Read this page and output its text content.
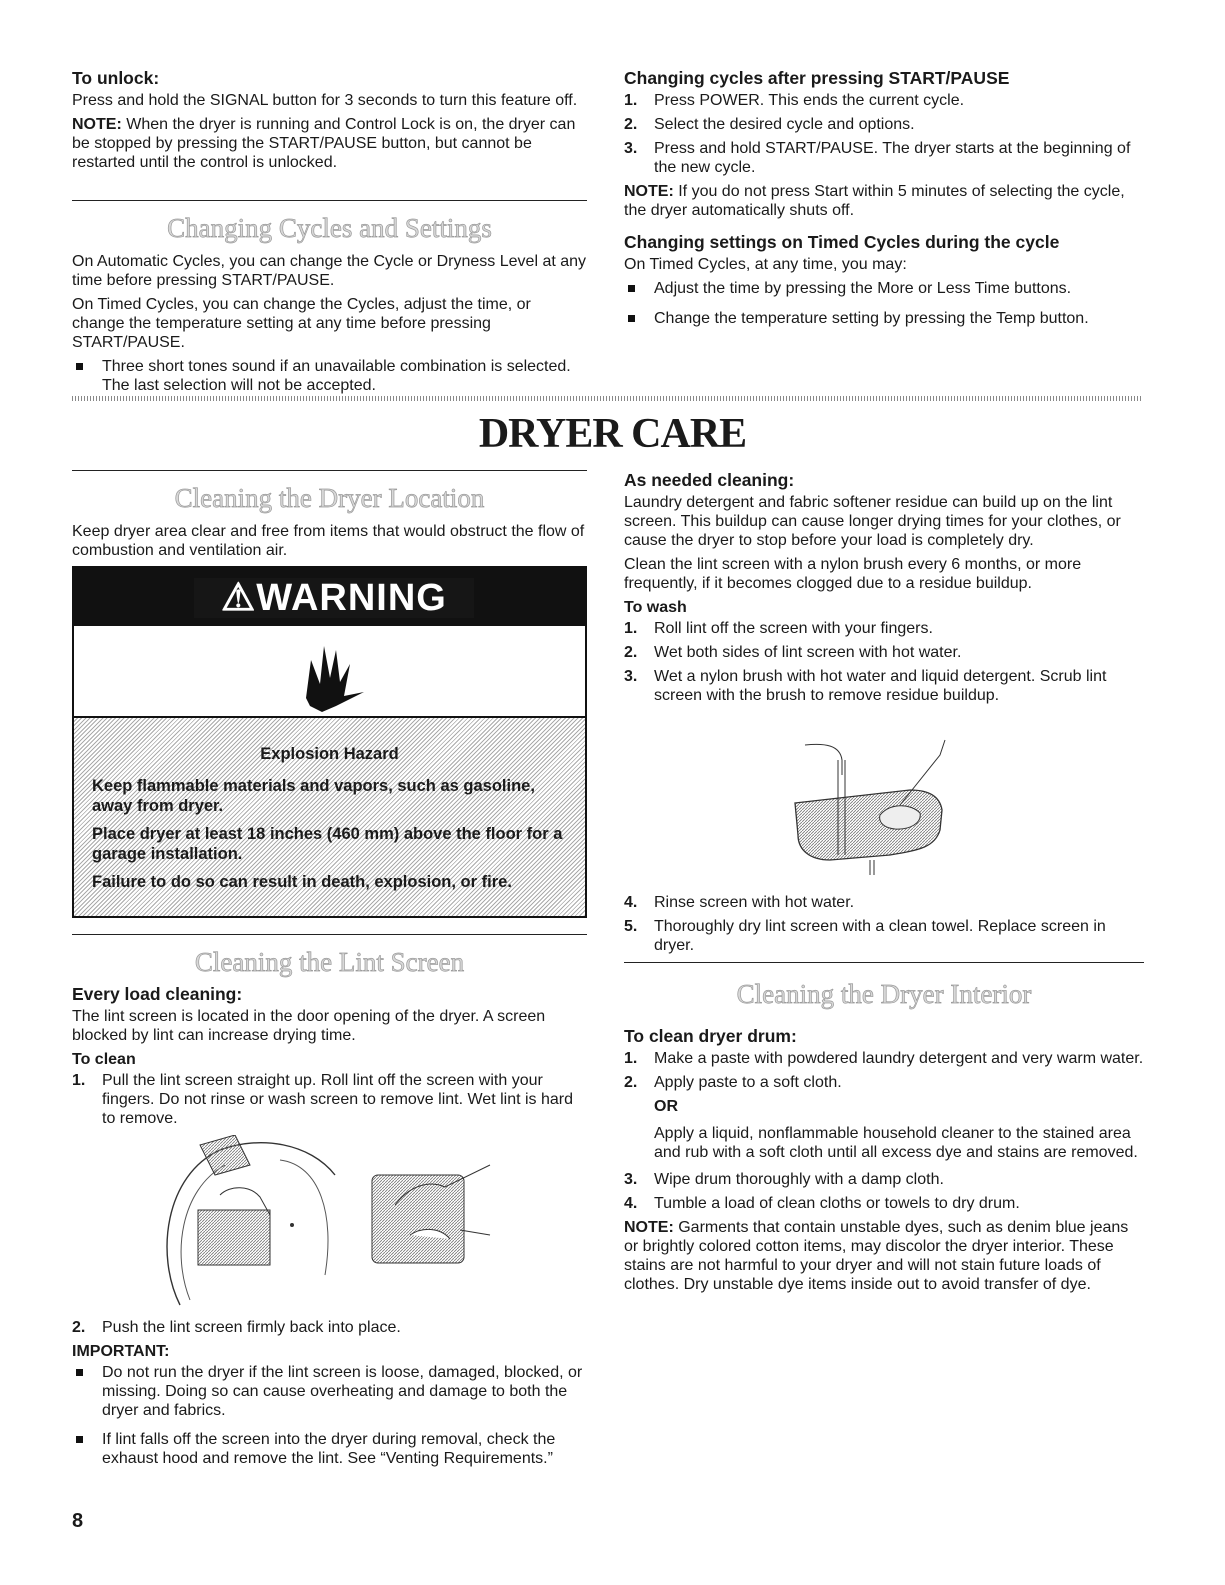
To unlock:

Press and hold the SIGNAL button for 3 seconds to turn this feature off.

NOTE: When the dryer is running and Control Lock is on, the dryer can be stopped by pressing the START/PAUSE button, but cannot be restarted until the control is unlocked.

Changing Cycles and Settings

On Automatic Cycles, you can change the Cycle or Dryness Level at any time before pressing START/PAUSE.

On Timed Cycles, you can change the Cycles, adjust the time, or change the temperature setting at any time before pressing START/PAUSE.

Three short tones sound if an unavailable combination is selected. The last selection will not be accepted.
Changing cycles after pressing START/PAUSE
1. Press POWER. This ends the current cycle.
2. Select the desired cycle and options.
3. Press and hold START/PAUSE. The dryer starts at the beginning of the new cycle.

NOTE: If you do not press Start within 5 minutes of selecting the cycle, the dryer automatically shuts off.

Changing settings on Timed Cycles during the cycle

On Timed Cycles, at any time, you may:

Adjust the time by pressing the More or Less Time buttons.
Change the temperature setting by pressing the Temp button.
DRYER CARE
Cleaning the Dryer Location

Keep dryer area clear and free from items that would obstruct the flow of combustion and ventilation air.

⚠WARNING
Explosion Hazard
Keep flammable materials and vapors, such as gasoline, away from dryer.
Place dryer at least 18 inches (460 mm) above the floor for a garage installation.
Failure to do so can result in death, explosion, or fire.
Cleaning the Lint Screen
Every load cleaning:

The lint screen is located in the door opening of the dryer. A screen blocked by lint can increase drying time.

To clean
1. Pull the lint screen straight up. Roll lint off the screen with your fingers. Do not rinse or wash screen to remove lint. Wet lint is hard to remove.
2. Push the lint screen firmly back into place.
IMPORTANT:
Do not run the dryer if the lint screen is loose, damaged, blocked, or missing. Doing so can cause overheating and damage to both the dryer and fabrics.
If lint falls off the screen into the dryer during removal, check the exhaust hood and remove the lint. See “Venting Requirements.”
As needed cleaning:

Laundry detergent and fabric softener residue can build up on the lint screen. This buildup can cause longer drying times for your clothes, or cause the dryer to stop before your load is completely dry.

Clean the lint screen with a nylon brush every 6 months, or more frequently, if it becomes clogged due to a residue buildup.

To wash
1. Roll lint off the screen with your fingers.
2. Wet both sides of lint screen with hot water.
3. Wet a nylon brush with hot water and liquid detergent. Scrub lint screen with the brush to remove residue buildup.
4. Rinse screen with hot water.
5. Thoroughly dry lint screen with a clean towel. Replace screen in dryer.
Cleaning the Dryer Interior
To clean dryer drum:
1. Make a paste with powdered laundry detergent and very warm water.
2. Apply paste to a soft cloth.
OR
Apply a liquid, nonflammable household cleaner to the stained area and rub with a soft cloth until all excess dye and stains are removed.
3. Wipe drum thoroughly with a damp cloth.
4. Tumble a load of clean cloths or towels to dry drum.

NOTE: Garments that contain unstable dyes, such as denim blue jeans or brightly colored cotton items, may discolor the dryer interior. These stains are not harmful to your dryer and will not stain future loads of clothes. Dry unstable dye items inside out to avoid transfer of dye.

8
